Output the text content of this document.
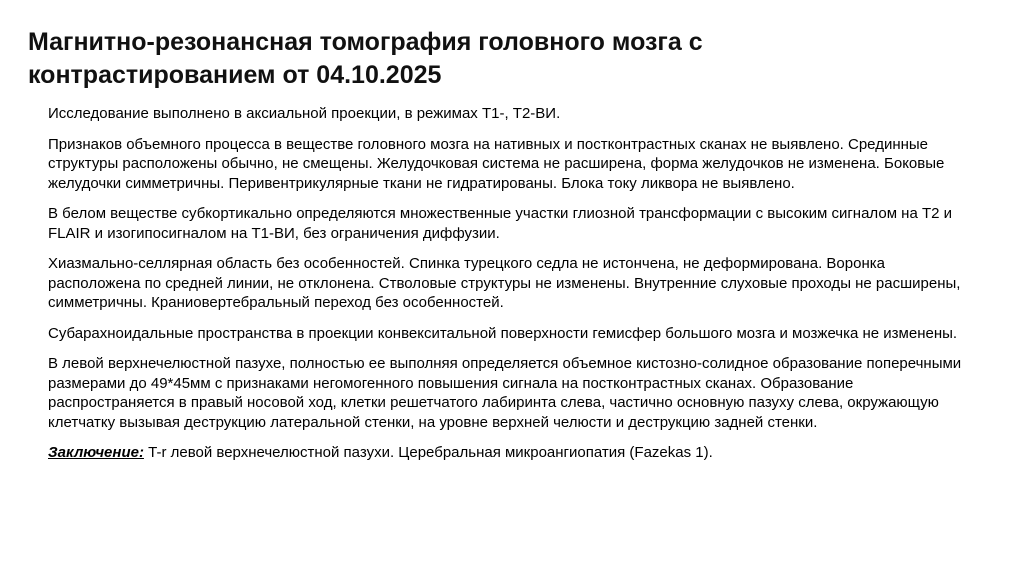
Магнитно-резонансная томография головного мозга с
контрастированием от 04.10.2025

Исследование выполнено в аксиальной проекции, в режимах Т1-, Т2-ВИ.

Признаков объемного процесса в веществе головного мозга на нативных и постконтрастных сканах не выявлено. Срединные структуры расположены обычно, не смещены. Желудочковая система не расширена, форма желудочков не изменена. Боковые желудочки симметричны. Перивентрикулярные ткани не гидратированы. Блока току ликвора не выявлено.

В белом веществе субкортикально определяются множественные участки глиозной трансформации с высоким сигналом на Т2 и FLAIR и изогипосигналом на Т1-ВИ, без ограничения диффузии.

Хиазмально-селлярная область без особенностей. Спинка турецкого седла не истончена, не деформирована. Воронка расположена по средней линии, не отклонена. Стволовые структуры не изменены. Внутренние слуховые проходы не расширены, симметричны. Краниовертебральный переход без особенностей.

Субарахноидальные пространства в проекции конвекситальной поверхности гемисфер большого мозга и мозжечка не изменены.

В левой верхнечелюстной пазухе, полностью ее выполняя определяется объемное кистозно-солидное образование поперечными размерами до 49*45мм с признаками негомогенного повышения сигнала на постконтрастных сканах. Образование распространяется в правый носовой ход, клетки решетчатого лабиринта слева, частично основную пазуху слева, окружающую клетчатку вызывая деструкцию латеральной стенки, на уровне верхней челюсти и деструкцию задней стенки.

Заключение: T-r левой верхнечелюстной пазухи. Церебральная микроангиопатия (Fazekas 1).
